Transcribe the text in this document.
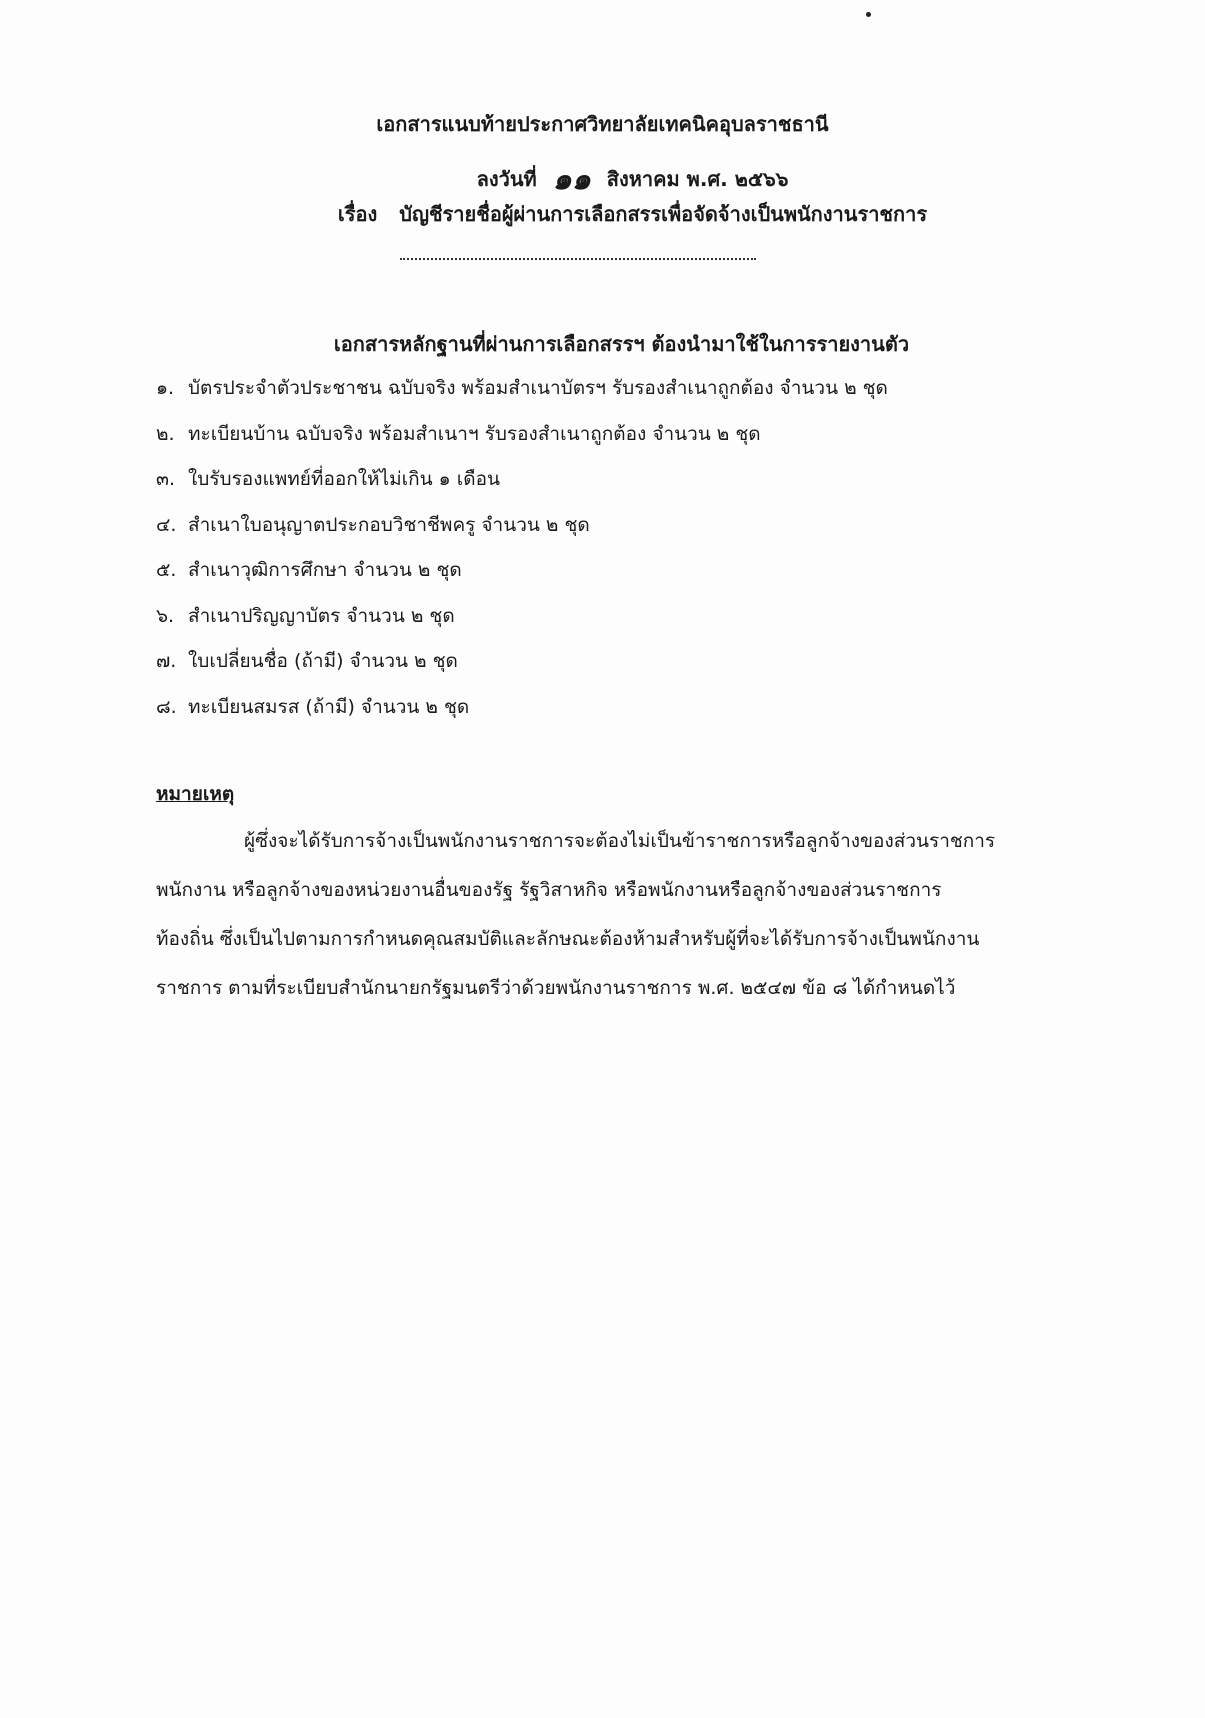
เอกสารแนบท้ายประกาศวิทยาลัยเทคนิคอุบลราชธานี
ลงวันที่ ๑๑ สิงหาคม พ.ศ. ๒๕๖๖
เรื่อง บัญชีรายชื่อผู้ผ่านการเลือกสรรเพื่อจัดจ้างเป็นพนักงานราชการ
เอกสารหลักฐานที่ผ่านการเลือกสรรฯ ต้องนำมาใช้ในการรายงานตัว
๑. บัตรประจำตัวประชาชน ฉบับจริง พร้อมสำเนาบัตรฯ รับรองสำเนาถูกต้อง จำนวน ๒ ชุด
๒. ทะเบียนบ้าน ฉบับจริง พร้อมสำเนาฯ รับรองสำเนาถูกต้อง จำนวน ๒ ชุด
๓. ใบรับรองแพทย์ที่ออกให้ไม่เกิน ๑ เดือน
๔. สำเนาใบอนุญาตประกอบวิชาชีพครู จำนวน ๒ ชุด
๕. สำเนาวุฒิการศึกษา จำนวน ๒ ชุด
๖. สำเนาปริญญาบัตร จำนวน ๒ ชุด
๗. ใบเปลี่ยนชื่อ (ถ้ามี) จำนวน ๒ ชุด
๘. ทะเบียนสมรส (ถ้ามี) จำนวน ๒ ชุด
หมายเหตุ
ผู้ซึ่งจะได้รับการจ้างเป็นพนักงานราชการจะต้องไม่เป็นข้าราชการหรือลูกจ้างของส่วนราชการ
พนักงาน หรือลูกจ้างของหน่วยงานอื่นของรัฐ รัฐวิสาหกิจ หรือพนักงานหรือลูกจ้างของส่วนราชการ
ท้องถิ่น ซึ่งเป็นไปตามการกำหนดคุณสมบัติและลักษณะต้องห้ามสำหรับผู้ที่จะได้รับการจ้างเป็นพนักงาน
ราชการ ตามที่ระเบียบสำนักนายกรัฐมนตรีว่าด้วยพนักงานราชการ พ.ศ. ๒๕๔๗ ข้อ ๘ ได้กำหนดไว้
